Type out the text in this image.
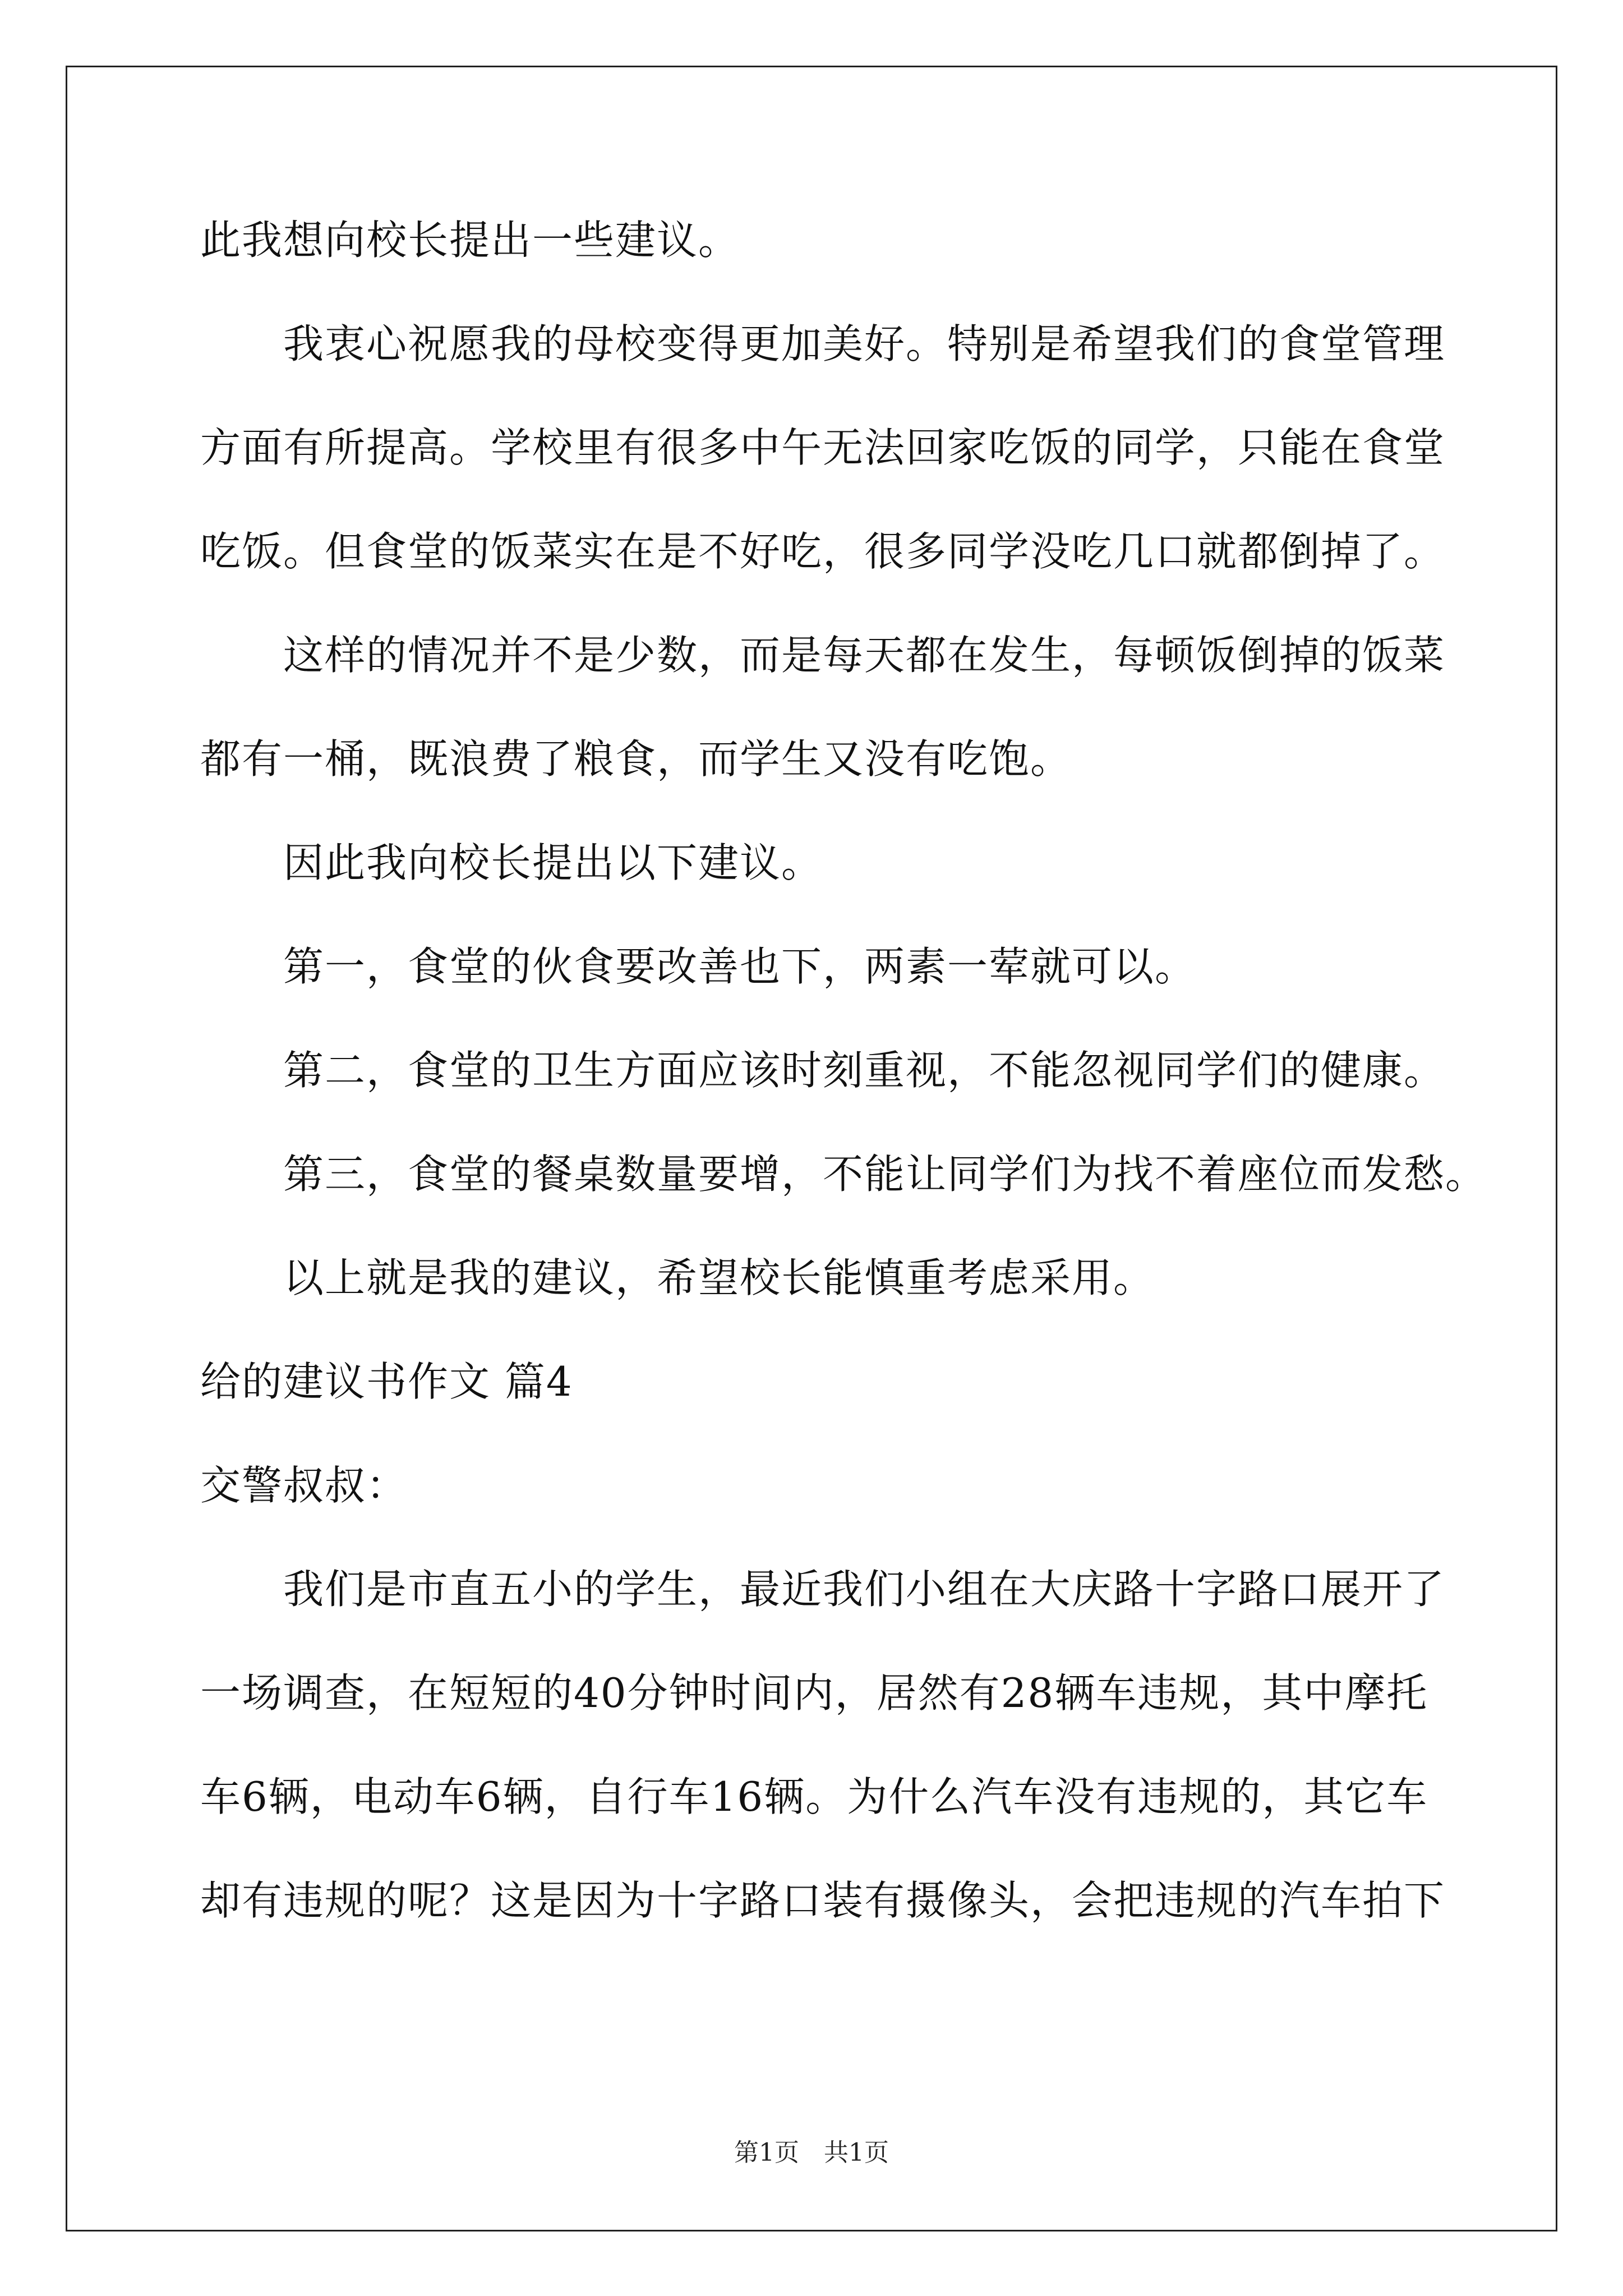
此我想向校长提出一些建议。
我衷心祝愿我的母校变得更加美好。特别是希望我们的食堂管理
方面有所提高。学校里有很多中午无法回家吃饭的同学，只能在食堂
吃饭。但食堂的饭菜实在是不好吃，很多同学没吃几口就都倒掉了。
这样的情况并不是少数，而是每天都在发生，每顿饭倒掉的饭菜
都有一桶，既浪费了粮食，而学生又没有吃饱。
因此我向校长提出以下建议。
第一，食堂的伙食要改善也下，两素一荤就可以。
第二，食堂的卫生方面应该时刻重视，不能忽视同学们的健康。
第三，食堂的餐桌数量要增，不能让同学们为找不着座位而发愁。
以上就是我的建议，希望校长能慎重考虑采用。
给的建议书作文 篇4
交警叔叔：
我们是市直五小的学生，最近我们小组在大庆路十字路口展开了
一场调查，在短短的40分钟时间内，居然有28辆车违规，其中摩托
车6辆，电动车6辆，自行车16辆。为什么汽车没有违规的，其它车
却有违规的呢？这是因为十字路口装有摄像头，会把违规的汽车拍下
第1页　共1页
